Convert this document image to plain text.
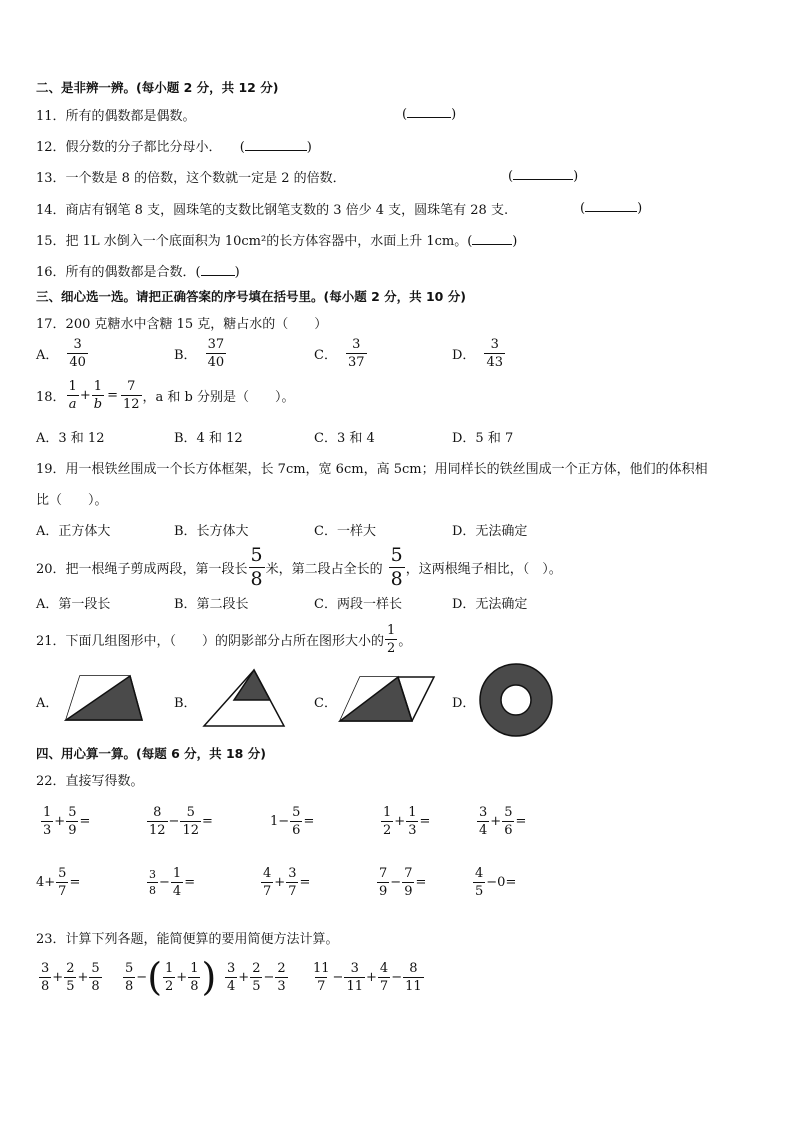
二、是非辨一辨。(每小题 2 分，共 12 分)
11．所有的偶数都是偶数。	(	)
12．假分数的分子都比分母小． (	)
13．一个数是 8 的倍数，这个数就一定是 2 的倍数．	(	)
14．商店有钢笔 8 支，圆珠笔的支数比钢笔支数的 3 倍少 4 支，圆珠笔有 28 支.	(	)
15．把 1L 水倒入一个底面积为 10cm²的长方体容器中，水面上升 1cm。(	)
16．所有的偶数都是合数．(	)
三、细心选一选。请把正确答案的序号填在括号里。(每小题 2 分，共 10 分)
17．200 克糖水中含糖 15 克，糖占水的（　　）
A． $\frac{3}{40}$	B． $\frac{37}{40}$	C． $\frac{3}{37}$	D． $\frac{3}{43}$
18． $\frac{1}{a} + \frac{1}{b} = \frac{7}{12}$ ，a 和 b 分别是（　　）。
A．3 和 12	B．4 和 12	C．3 和 4	D．5 和 7
19．用一根铁丝围成一个长方体框架，长 7cm，宽 6cm，高 5cm；用同样长的铁丝围成一个正方体，他们的体积相
比（　　）。
A．正方体大	B．长方体大	C．一样大	D．无法确定
20．把一根绳子剪成两段，第一段长 $\frac{5}{8}$ 米，第二段占全长的 $\frac{5}{8}$ ，这两根绳子相比，（　）。
A．第一段长	B．第二段长	C．两段一样长	D．无法确定
21．下面几组图形中，（　　）的阴影部分占所在图形大小的 $\frac{1}{2}$ 。
A．	B．	C．	D．
四、用心算一算。(每题 6 分，共 18 分)
22．直接写得数。
$\frac{1}{3} + \frac{5}{9}$ =	$\frac{8}{12} - \frac{5}{12}$ =	$1- \frac{5}{6}$ =	$\frac{1}{2} + \frac{1}{3}$ =	$\frac{3}{4} + \frac{5}{6}$ =
$4+ \frac{5}{7}$ =	$\frac{3}{8} - \frac{1}{4}$ =	$\frac{4}{7} + \frac{3}{7}$ =	$\frac{7}{9} - \frac{7}{9}$ =	$\frac{4}{5} -0$ =
23．计算下列各题，能简便算的要用简便方法计算。
$\frac{3}{8} + \frac{2}{5} + \frac{5}{8} \frac{5}{8}$ − ( $\frac{1}{2} + \frac{1}{8}$ ) $\frac{3}{4} + \frac{2}{5} - \frac{2}{3} \frac{11}{7} - \frac{3}{11} + \frac{4}{7} - \frac{8}{11}$
